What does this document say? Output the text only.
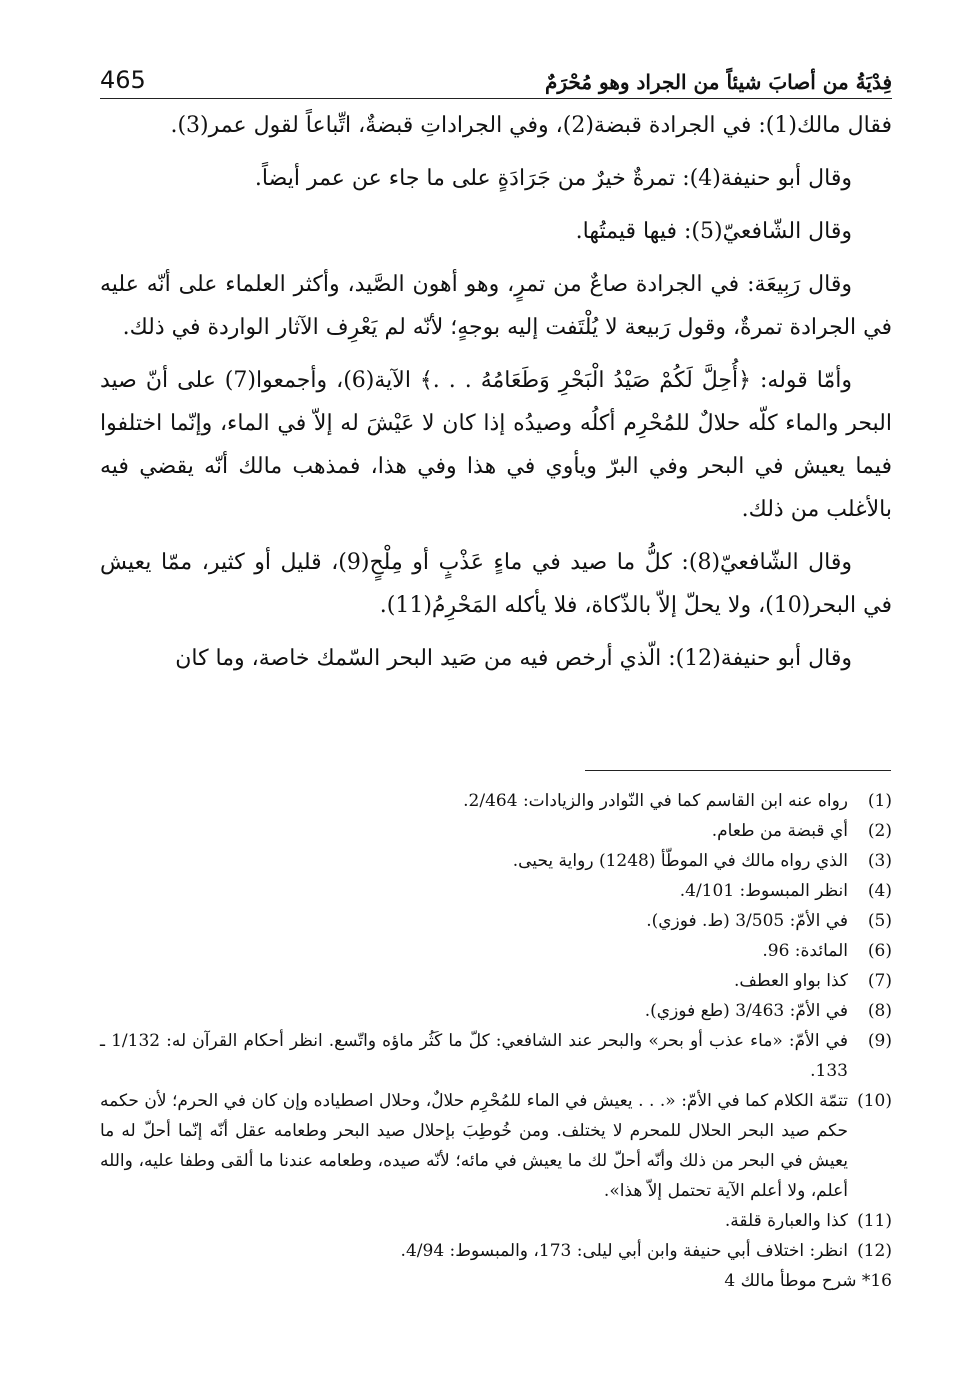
465	فِدْيَةُ من أصابَ شيئاً من الجراد وهو مُحْرَمٌ

فقال مالك(1): في الجرادة قبضة(2)، وفي الجراداتِ قبضةٌ، اتِّباعاً لقول عمر(3).

وقال أبو حنيفة(4): تمرةٌ خيرٌ من جَرَادَةٍ على ما جاء عن عمر أيضاً.

وقال الشّافعيّ(5): فيها قيمتُها.

وقال رَبِيعَة: في الجرادة صاعٌ من تمرٍ، وهو أهون الصَّيد، وأكثر العلماء على أنّه عليه في الجرادة تمرةٌ، وقول رَبيعة لا يُلْتَفت إليه بوجهٍ؛ لأنّه لم يَعْرِف الآثار الواردة في ذلك.

وأمّا قوله: ﴿أُحِلَّ لَكُمْ صَيْدُ الْبَحْرِ وَطَعَامُهُ . . .﴾ الآية(6)، وأجمعوا(7) على أنّ صيد البحر والماء كلّه حلالٌ للمُحْرِم أكلُه وصيدُه إذا كان لا عَيْشَ له إلاّ في الماء، وإنّما اختلفوا فيما يعيش في البحر وفي البرّ ويأوي في هذا وفي هذا، فمذهب مالك أنّه يقضي فيه بالأغلب من ذلك.

وقال الشّافعيّ(8): كلُّ ما صيد في ماءٍ عَذْبٍ أو مِلْحٍ(9)، قليل أو كثير، ممّا يعيش في البحر(10)، ولا يحلّ إلاّ بالذّكاة، فلا يأكله المَحْرِمُ(11).

وقال أبو حنيفة(12): الّذي أرخص فيه من صَيد البحر السّمك خاصة، وما كان

(1)
رواه عنه ابن القاسم كما في النّوادر والزيادات: 2/464.
(2)
أي قبضة من طعام.
(3)
الذي رواه مالك في الموطّأ (1248) رواية يحيى.
(4)
انظر المبسوط: 4/101.
(5)
في الأمّ: 3/505 (ط. فوزي).
(6)
المائدة: 96.
(7)
كذا بواو العطف.
(8)
في الأمّ: 3/463 (طع فوزي).
(9)
في الأمّ: «ماء عذب أو بحر» والبحر عند الشافعي: كلّ ما كَثُر ماؤه واتّسع. انظر أحكام القرآن له: 1/132 ـ 133.
(10)
تتمّة الكلام كما في الأمّ: «. . . يعيش في الماء للمُحْرِم حلالٌ، وحلال اصطياده وإن كان في الحرم؛ لأن حكمه حكم صيد البحر الحلال للمحرم لا يختلف. ومن خُوطِبَ بإحلال صيد البحر وطعامه عقل أنّه إنّما أحلّ له ما يعيش في البحر من ذلك وأنّه أحلّ لك ما يعيش في مائه؛ لأنّه صيده، وطعامه عندنا ما ألقى وطفا عليه، والله أعلم، ولا أعلم الآية تحتمل إلاّ هذا».
(11)
كذا والعبارة قلقة.
(12)
انظر: اختلاف أبي حنيفة وابن أبي ليلى: 173، والمبسوط: 4/94.
16* شرح موطأ مالك 4
